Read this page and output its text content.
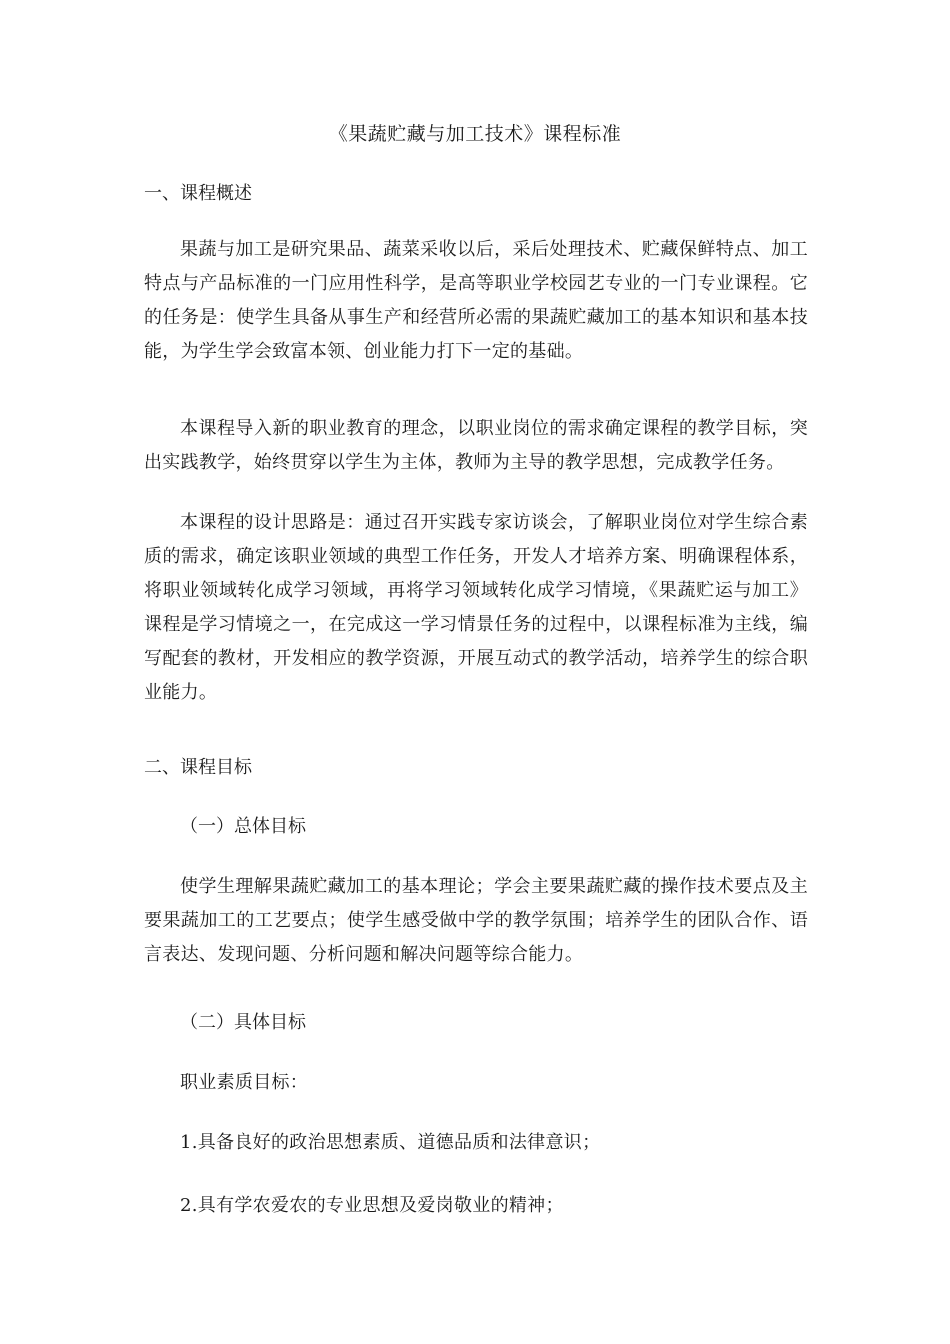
《果蔬贮藏与加工技术》课程标准
一、课程概述

果蔬与加工是研究果品、蔬菜采收以后，采后处理技术、贮藏保鲜特点、加工特点与产品标准的一门应用性科学，是高等职业学校园艺专业的一门专业课程。它的任务是：使学生具备从事生产和经营所必需的果蔬贮藏加工的基本知识和基本技能，为学生学会致富本领、创业能力打下一定的基础。

本课程导入新的职业教育的理念，以职业岗位的需求确定课程的教学目标，突出实践教学，始终贯穿以学生为主体，教师为主导的教学思想，完成教学任务。

本课程的设计思路是：通过召开实践专家访谈会，了解职业岗位对学生综合素质的需求，确定该职业领域的典型工作任务，开发人才培养方案、明确课程体系，将职业领域转化成学习领域，再将学习领域转化成学习情境，《果蔬贮运与加工》课程是学习情境之一，在完成这一学习情景任务的过程中，以课程标准为主线，编写配套的教材，开发相应的教学资源，开展互动式的教学活动，培养学生的综合职业能力。

二、课程目标
（一）总体目标

使学生理解果蔬贮藏加工的基本理论；学会主要果蔬贮藏的操作技术要点及主要果蔬加工的工艺要点；使学生感受做中学的教学氛围；培养学生的团队合作、语言表达、发现问题、分析问题和解决问题等综合能力。

（二）具体目标

职业素质目标：

1.具备良好的政治思想素质、道德品质和法律意识；

2.具有学农爱农的专业思想及爱岗敬业的精神；
